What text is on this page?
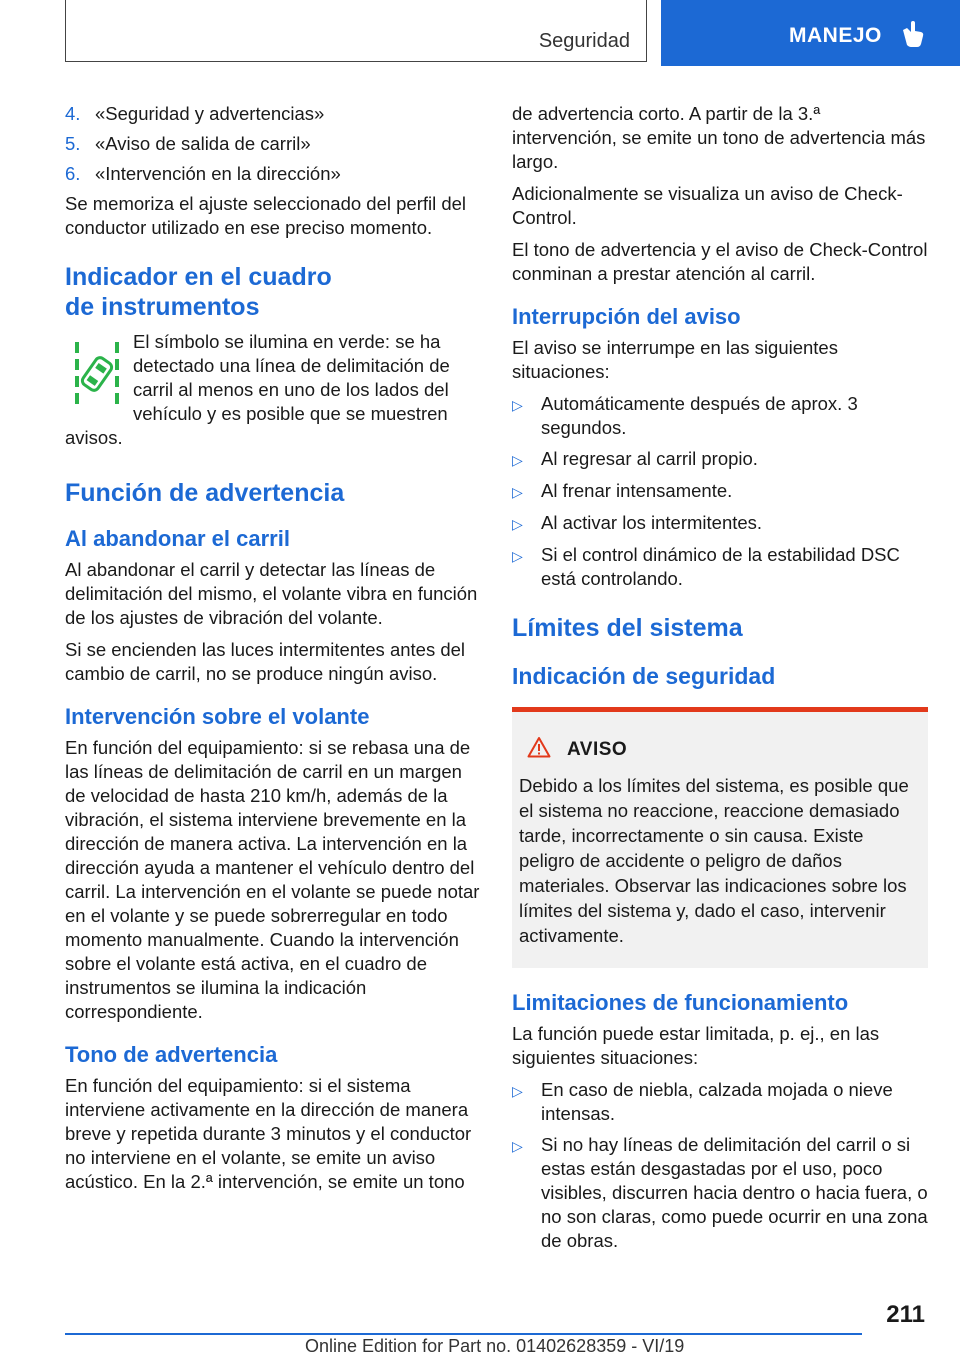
Seguridad	MANEJO
4. «Seguridad y advertencias»
5. «Aviso de salida de carril»
6. «Intervención en la dirección»

Se memoriza el ajuste seleccionado del perfil del conductor utilizado en ese preciso momento.

Indicador en el cuadro de instrumentos

El símbolo se ilumina en verde: se ha detectado una línea de delimitación de carril al menos en uno de los lados del vehículo y es posible que se muestren avisos.

Función de advertencia
Al abandonar el carril

Al abandonar el carril y detectar las líneas de delimitación del mismo, el volante vibra en función de los ajustes de vibración del volante.

Si se encienden las luces intermitentes antes del cambio de carril, no se produce ningún aviso.

Intervención sobre el volante

En función del equipamiento: si se rebasa una de las líneas de delimitación de carril en un margen de velocidad de hasta 210 km/h, además de la vibración, el sistema interviene brevemente en la dirección de manera activa. La intervención en la dirección ayuda a mantener el vehículo dentro del carril. La intervención en el volante se puede notar en el volante y se puede sobrerregular en todo momento manualmente. Cuando la intervención sobre el volante está activa, en el cuadro de instrumentos se ilumina la indicación correspondiente.

Tono de advertencia

En función del equipamiento: si el sistema interviene activamente en la dirección de manera breve y repetida durante 3 minutos y el conductor no interviene en el volante, se emite un aviso acústico. En la 2.ª intervención, se emite un tono

de advertencia corto. A partir de la 3.ª intervención, se emite un tono de advertencia más largo.

Adicionalmente se visualiza un aviso de Check-Control.

El tono de advertencia y el aviso de Check-Control conminan a prestar atención al carril.

Interrupción del aviso

El aviso se interrumpe en las siguientes situaciones:

▷ Automáticamente después de aprox. 3 segundos.
▷ Al regresar al carril propio.
▷ Al frenar intensamente.
▷ Al activar los intermitentes.
▷ Si el control dinámico de la estabilidad DSC está controlando.
Límites del sistema
Indicación de seguridad
AVISO

Debido a los límites del sistema, es posible que el sistema no reaccione, reaccione demasiado tarde, incorrectamente o sin causa. Existe peligro de accidente o peligro de daños materiales. Observar las indicaciones sobre los límites del sistema y, dado el caso, intervenir activamente.

Limitaciones de funcionamiento

La función puede estar limitada, p. ej., en las siguientes situaciones:

▷ En caso de niebla, calzada mojada o nieve intensas.
▷ Si no hay líneas de delimitación del carril o si estas están desgastadas por el uso, poco visibles, discurren hacia dentro o hacia fuera, o no son claras, como puede ocurrir en una zona de obras.
211
Online Edition for Part no. 01402628359 - VI/19
